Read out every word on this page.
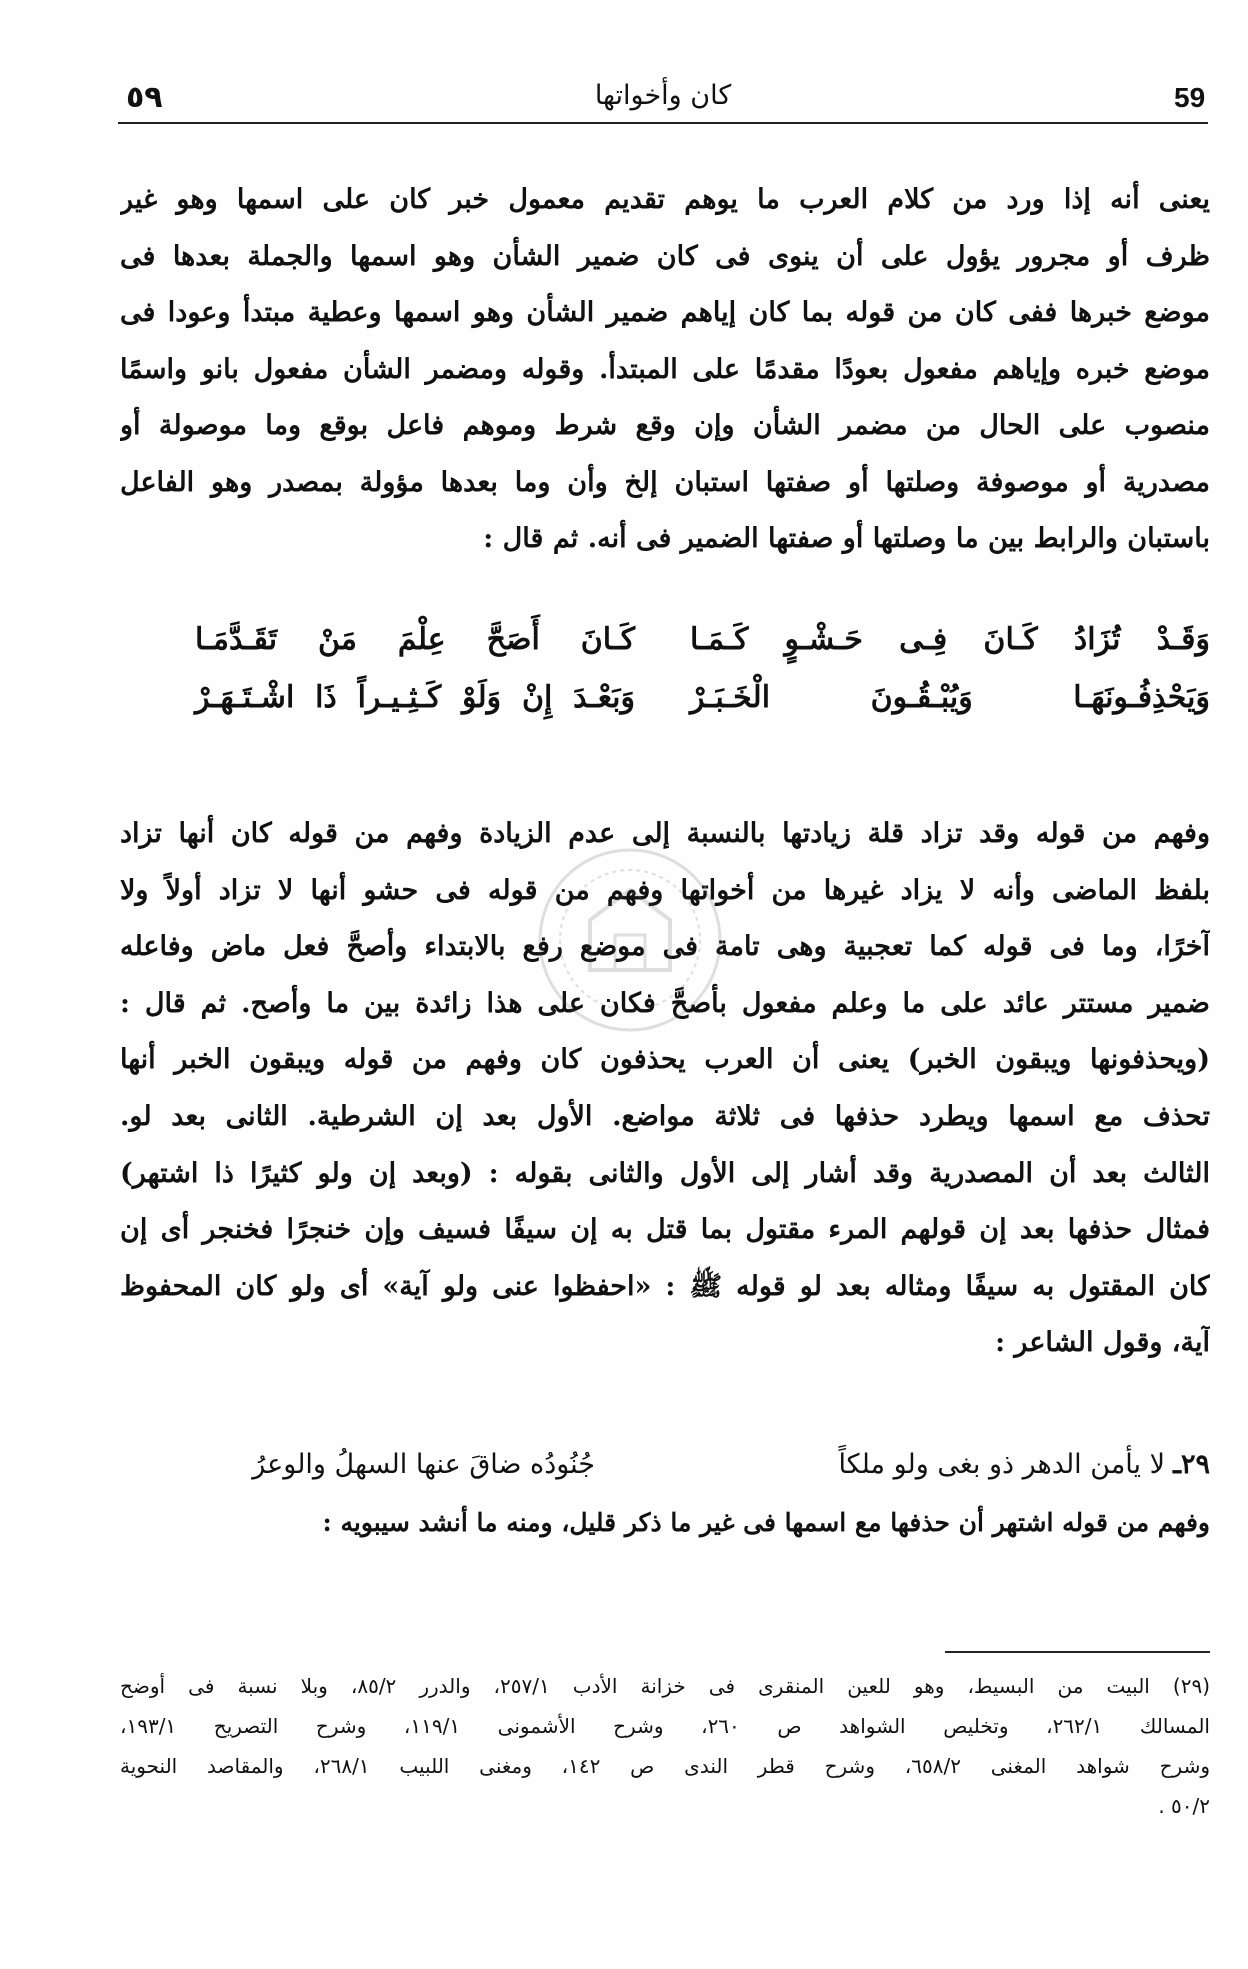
59
كان وأخواتها
٥٩
يعنى أنه إذا ورد من كلام العرب ما يوهم تقديم معمول خبر كان على اسمها وهو غير
ظرف أو مجرور يؤول على أن ينوى فى كان ضمير الشأن وهو اسمها والجملة بعدها فى
موضع خبرها ففى كان من قوله بما كان إياهم ضمير الشأن وهو اسمها وعطية مبتدأ وعودا فى
موضع خبره وإياهم مفعول بعودًا مقدمًا على المبتدأ. وقوله ومضمر الشأن مفعول بانو واسمًا
منصوب على الحال من مضمر الشأن وإن وقع شرط وموهم فاعل بوقع وما موصولة أو
مصدرية أو موصوفة وصلتها أو صفتها استبان إلخ وأن وما بعدها مؤولة بمصدر وهو الفاعل
باستبان والرابط بين ما وصلتها أو صفتها الضمير فى أنه. ثم قال :
وَقَـدْ تُزَادُ كَـانَ فِـى حَـشْـوٍ كَـمَـا
كَـانَ أَصَحَّ عِلْمَ مَنْ تَقَـدَّمَـا
وَيَحْذِفُـونَهَـا وَيُبْـقُـونَ الْخَـبَـرْ
وَبَعْـدَ إِنْ وَلَوْ كَـثِـيـراً ذَا اشْـتَـهَـرْ
وفهم من قوله وقد تزاد قلة زيادتها بالنسبة إلى عدم الزيادة وفهم من قوله كان أنها تزاد
بلفظ الماضى وأنه لا يزاد غيرها من أخواتها وفهم من قوله فى حشو أنها لا تزاد أولاً ولا
آخرًا، وما فى قوله كما تعجبية وهى تامة فى موضع رفع بالابتداء وأصحَّ فعل ماض وفاعله
ضمير مستتر عائد على ما وعلم مفعول بأصحَّ فكان على هذا زائدة بين ما وأصح. ثم قال :
(ويحذفونها ويبقون الخبر) يعنى أن العرب يحذفون كان وفهم من قوله ويبقون الخبر أنها
تحذف مع اسمها ويطرد حذفها فى ثلاثة مواضع. الأول بعد إن الشرطية. الثانى بعد لو.
الثالث بعد أن المصدرية وقد أشار إلى الأول والثانى بقوله : (وبعد إن ولو كثيرًا ذا اشتهر)
فمثال حذفها بعد إن قولهم المرء مقتول بما قتل به إن سيفًا فسيف وإن خنجرًا فخنجر أى إن
كان المقتول به سيفًا ومثاله بعد لو قوله ﷺ : «احفظوا عنى ولو آية» أى ولو كان المحفوظ
آية، وقول الشاعر :
٢٩ـ
لا يأمن الدهر ذو بغى ولو ملكاً
جُنُودُه ضاقَ عنها السهلُ والوعرُ
وفهم من قوله اشتهر أن حذفها مع اسمها فى غير ما ذكر قليل، ومنه ما أنشد سيبويه :
(٢٩) البيت من البسيط، وهو للعين المنقرى فى خزانة الأدب ٢٥٧/١، والدرر ٨٥/٢، وبلا نسبة فى أوضح
المسالك ٢٦٢/١، وتخليص الشواهد ص ٢٦٠، وشرح الأشمونى ١١٩/١، وشرح التصريح ١٩٣/١،
وشرح شواهد المغنى ٦٥٨/٢، وشرح قطر الندى ص ١٤٢، ومغنى اللبيب ٢٦٨/١، والمقاصد النحوية
٥٠/٢ .
